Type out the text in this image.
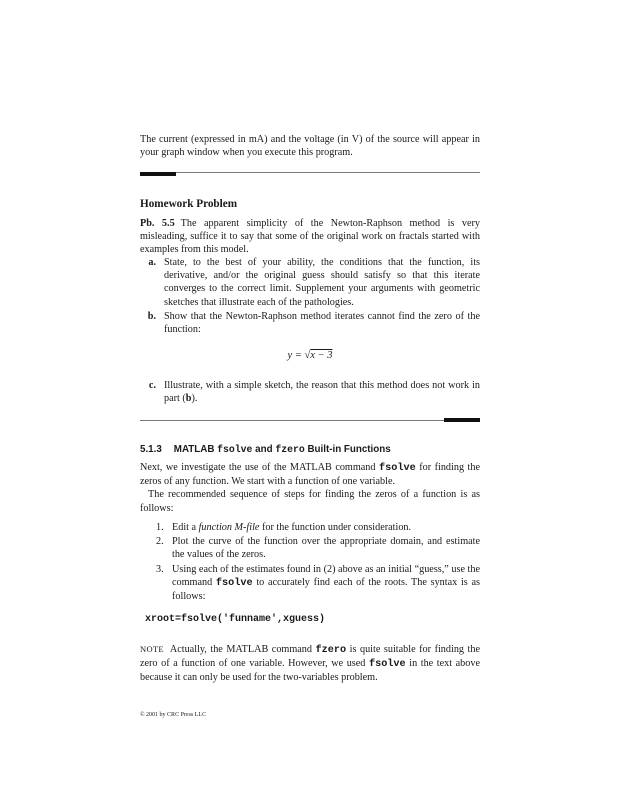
The current (expressed in mA) and the voltage (in V) of the source will appear in your graph window when you execute this program.

Homework Problem

Pb. 5.5 The apparent simplicity of the Newton-Raphson method is very misleading, suffice it to say that some of the original work on fractals started with examples from this model.

a. State, to the best of your ability, the conditions that the function, its derivative, and/or the original guess should satisfy so that this iterate converges to the correct limit. Supplement your arguments with geometric sketches that illustrate each of the pathologies.
b. Show that the Newton-Raphson method iterates cannot find the zero of the function:
y = √x − 3
c. Illustrate, with a simple sketch, the reason that this method does not work in part (b).
5.1.3 MATLAB fsolve and fzero Built-in Functions

Next, we investigate the use of the MATLAB command fsolve for finding the zeros of any function. We start with a function of one variable.

The recommended sequence of steps for finding the zeros of a function is as follows:

1. Edit a function M-file for the function under consideration.
2. Plot the curve of the function over the appropriate domain, and estimate the values of the zeros.
3. Using each of the estimates found in (2) above as an initial “guess,” use the command fsolve to accurately find each of the roots. The syntax is as follows:
xroot=fsolve('funname',xguess)

NOTE Actually, the MATLAB command fzero is quite suitable for finding the zero of a function of one variable. However, we used fsolve in the text above because it can only be used for the two-variables problem.

© 2001 by CRC Press LLC
